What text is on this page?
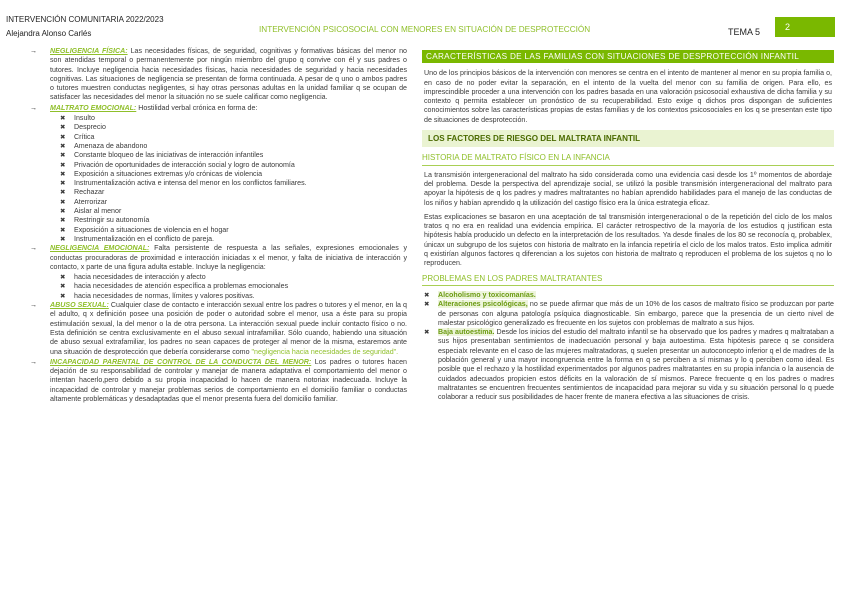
INTERVENCIÓN COMUNITARIA 2022/2023
Alejandra Alonso Carlés	INTERVENCIÓN PSICOSOCIAL CON MENORES EN SITUACIÓN DE DESPROTECCIÓN	TEMA 5	2
→ NEGLIGENCIA FÍSICA: Las necesidades físicas, de seguridad, cognitivas y formativas básicas del menor no son atendidas temporal o permanentemente por ningún miembro del grupo q convive con él y sus padres o tutores. Incluye negligencia hacia necesidades físicas, hacia necesidades de seguridad y hacia necesidades cognitivas. Las situaciones de negligencia se presentan de forma continuada. A pesar de q uno o ambos padres o tutores muestren conductas negligentes, si hay otras personas adultas en la unidad familiar q se ocupan de satisfacer las necesidades del menor la situación no se suele calificar como negligencia.
→ MALTRATO EMOCIONAL: Hostilidad verbal crónica en forma de:
✖ Insulto
✖ Desprecio
✖ Crítica
✖ Amenaza de abandono
✖ Constante bloqueo de las iniciativas de interacción infantiles
✖ Privación de oportunidades de interacción social y logro de autonomía
✖ Exposición a situaciones extremas y/o crónicas de violencia
✖ Instrumentalización activa e intensa del menor en los conflictos familiares.
✖ Rechazar
✖ Aterrorizar
✖ Aislar al menor
✖ Restringir su autonomía
✖ Exposición a situaciones de violencia en el hogar
✖ Instrumentalización en el conflicto de pareja.
→ NEGLIGENCIA EMOCIONAL: Falta persistente de respuesta a las señales, expresiones emocionales y conductas procuradoras de proximidad e interacción iniciadas x el menor, y falta de iniciativa de interacción y contacto, x parte de una figura adulta estable. Incluye la negligencia:
✖ hacia necesidades de interacción y afecto
✖ hacia necesidades de atención específica a problemas emocionales
✖ hacia necesidades de normas, límites y valores positivas.
→ ABUSO SEXUAL: Cualquier clase de contacto e interacción sexual entre los padres o tutores y el menor, en la q el adulto, q x definición posee una posición de poder o autoridad sobre el menor, usa a éste para su propia estimulación sexual, la del menor o la de otra persona. La interacción sexual puede incluir contacto físico o no. Esta definición se centra exclusivamente en el abuso sexual intrafamiliar. Sólo cuando, habiendo una situación de abuso sexual extrafamiliar, los padres no sean capaces de proteger al menor de la misma, estaremos ante una situación de desprotección que debería considerarse como "negligencia hacia necesidades de seguridad".
→ INCAPACIDAD PARENTAL DE CONTROL DE LA CONDUCTA DEL MENOR: Los padres o tutores hacen dejación de su responsabilidad de controlar y manejar de manera adaptativa el comportamiento del menor o intentan hacerlo,pero debido a su propia incapacidad lo hacen de manera notoriax inadecuada. Incluye la incapacidad de controlar y manejar problemas serios de comportamiento en el domicilio familiar o conductas altamente problemáticas y desadaptadas que el menor presenta fuera del domicilio familiar.
CARACTERÍSTICAS DE LAS FAMILIAS CON SITUACIONES DE DESPROTECCIÓN INFANTIL

Uno de los principios básicos de la intervención con menores se centra en el intento de mantener al menor en su propia familia o, en caso de no poder evitar la separación, en el intento de la vuelta del menor con su familia de origen. Para ello, es imprescindible proceder a una intervención con los padres basada en una valoración psicosocial exhaustiva de dicha familia y su contexto q permita establecer un pronóstico de su recuperabilidad. Esto exige q dichos pros dispongan de suficientes conocimientos sobre las características propias de estas familias y de los contextos psicosociales en los q se presentan este tipo de situaciones de desprotección.

LOS FACTORES DE RIESGO DEL MALTRATA INFANTIL
HISTORIA DE MALTRATO FÍSICO EN LA INFANCIA

La transmisión intergeneracional del maltrato ha sido considerada como una evidencia casi desde los 1º momentos de abordaje del problema. Desde la perspectiva del aprendizaje social, se utilizó la posible transmisión intergeneracional del maltrato para apoyar la hipótesis de q los padres y madres maltratantes no habían aprendido habilidades para el manejo de las conductas de los niños y habían aprendido q la utilización del castigo físico era la única estrategia eficaz.

Estas explicaciones se basaron en una aceptación de tal transmisión intergeneracional o de la repetición del ciclo de los malos tratos q no era en realidad una evidencia empírica. El carácter retrospectivo de la mayoría de los estudios q justifican esta hipótesis había producido un defecto en la interpretación de los resultados. Ya desde finales de los 80 se reconocía q, probablex, únicax un subgrupo de los sujetos con historia de maltrato en la infancia repetiría el ciclo de los malos tratos. Esto implica admitir q existirían algunos factores q diferencian a los sujetos con historia de maltrato q reproducen el problema de los sujetos q no lo reproducen.

PROBLEMAS EN LOS PADRES MALTRATANTES
✖ Alcoholismo y toxicomanías.
✖ Alteraciones psicológicas, no se puede afirmar que más de un 10% de los casos de maltrato físico se produzcan por parte de personas con alguna patología psíquica diagnosticable. Sin embargo, parece que la presencia de un cierto nivel de malestar psicológico generalizado es frecuente en los sujetos con problemas de maltrato a sus hijos.
✖ Baja autoestima. Desde los inicios del estudio del maltrato infantil se ha observado que los padres y madres q maltrataban a sus hijos presentaban sentimientos de inadecuación personal y baja autoestima. Esta hipótesis parece q se considera especialx relevante en el caso de las mujeres maltratadoras, q suelen presentar un autoconcepto inferior q el de madres de la población general y una mayor incongruencia entre la forma en q se perciben a sí mismas y lo q perciben como ideal. Es posible que el rechazo y la hostilidad experimentados por algunos padres maltratantes en su propia infancia o la ausencia de cuidados adecuados propicien estos déficits en la valoración de sí mismos. Parece frecuente q en los padres o madres maltratantes se encuentren frecuentes sentimientos de incapacidad para mejorar su vida y su situación personal lo q puede colaborar a reducir sus posibilidades de hacer frente de manera efectiva a las situaciones de crisis.
